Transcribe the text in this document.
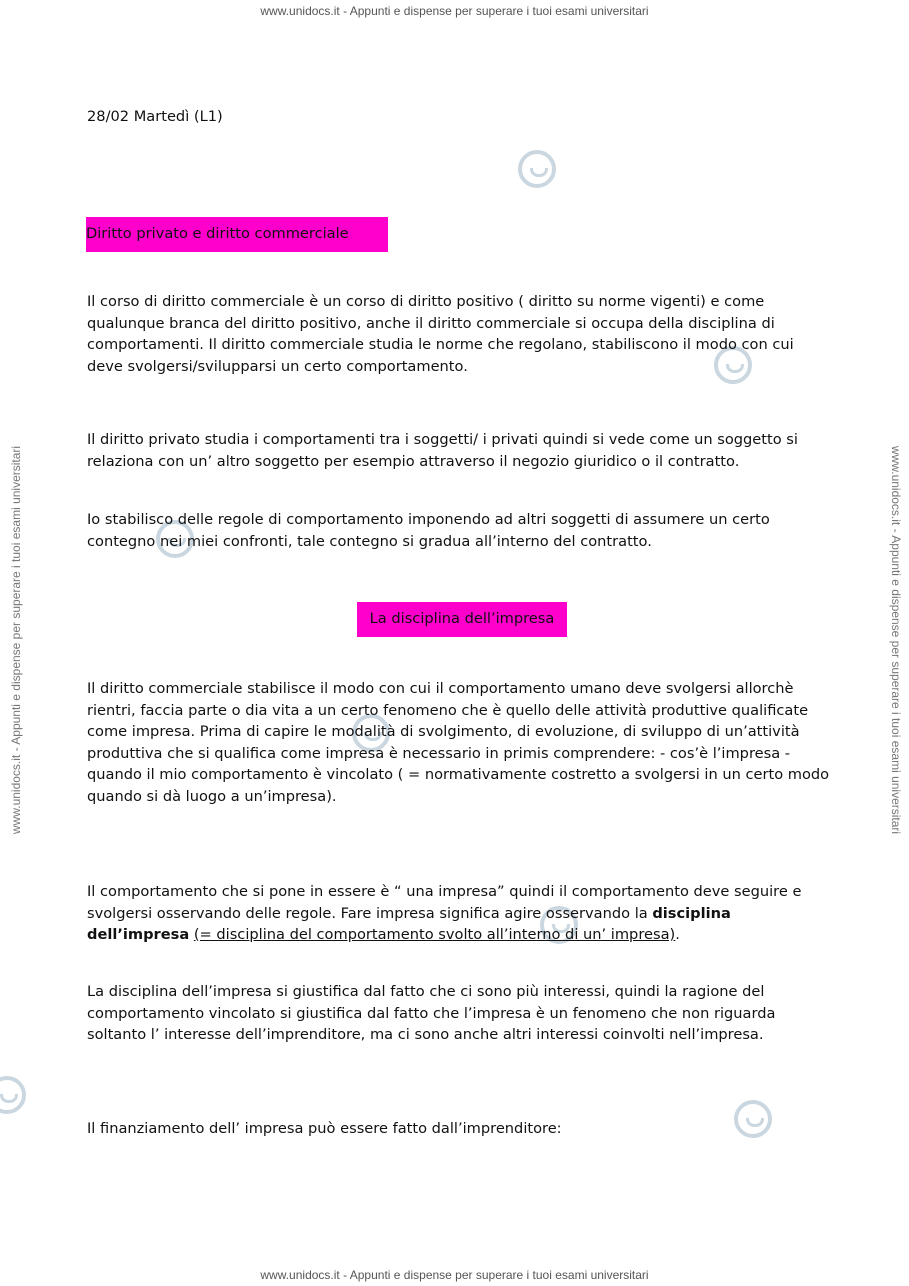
www.unidocs.it - Appunti e dispense per superare i tuoi esami universitari
www.unidocs.it - Appunti e dispense per superare i tuoi esami universitari
www.unidocs.it - Appunti e dispense per superare i tuoi esami universitari	www.unidocs.it - Appunti e dispense per superare i tuoi esami universitari
28/02 Martedì (L1)
Diritto privato e diritto commerciale

Il corso di diritto commerciale è un corso di diritto positivo ( diritto su norme vigenti) e come qualunque branca del diritto positivo, anche il diritto commerciale si occupa della disciplina di comportamenti. Il diritto commerciale studia le norme che regolano, stabiliscono il modo con cui deve svolgersi/svilupparsi un certo comportamento.

Il diritto privato studia i comportamenti tra i soggetti/ i privati quindi si vede come un soggetto si relaziona con un’ altro soggetto per esempio attraverso il negozio giuridico o il contratto.

Io stabilisco delle regole di comportamento imponendo ad altri soggetti di assumere un certo contegno nei miei confronti, tale contegno si gradua all’interno del contratto.

La disciplina dell’impresa

Il diritto commerciale stabilisce il modo con cui il comportamento umano deve svolgersi allorchè rientri, faccia parte o dia vita a un certo fenomeno che è quello delle attività produttive qualificate come impresa. Prima di capire le modalità di svolgimento, di evoluzione, di sviluppo di un’attività produttiva che si qualifica come impresa è necessario in primis comprendere: - cos’è l’impresa - quando il mio comportamento è vincolato ( = normativamente costretto a svolgersi in un certo modo quando si dà luogo a un’impresa).

Il comportamento che si pone in essere è “ una impresa” quindi il comportamento deve seguire e svolgersi osservando delle regole. Fare impresa significa agire osservando la disciplina dell’impresa (= disciplina del comportamento svolto all’interno di un’ impresa).

La disciplina dell’impresa si giustifica dal fatto che ci sono più interessi, quindi la ragione del comportamento vincolato si giustifica dal fatto che l’impresa è un fenomeno che non riguarda soltanto l’ interesse dell’imprenditore, ma ci sono anche altri interessi coinvolti nell’impresa.

Il finanziamento dell’ impresa può essere fatto dall’imprenditore:
